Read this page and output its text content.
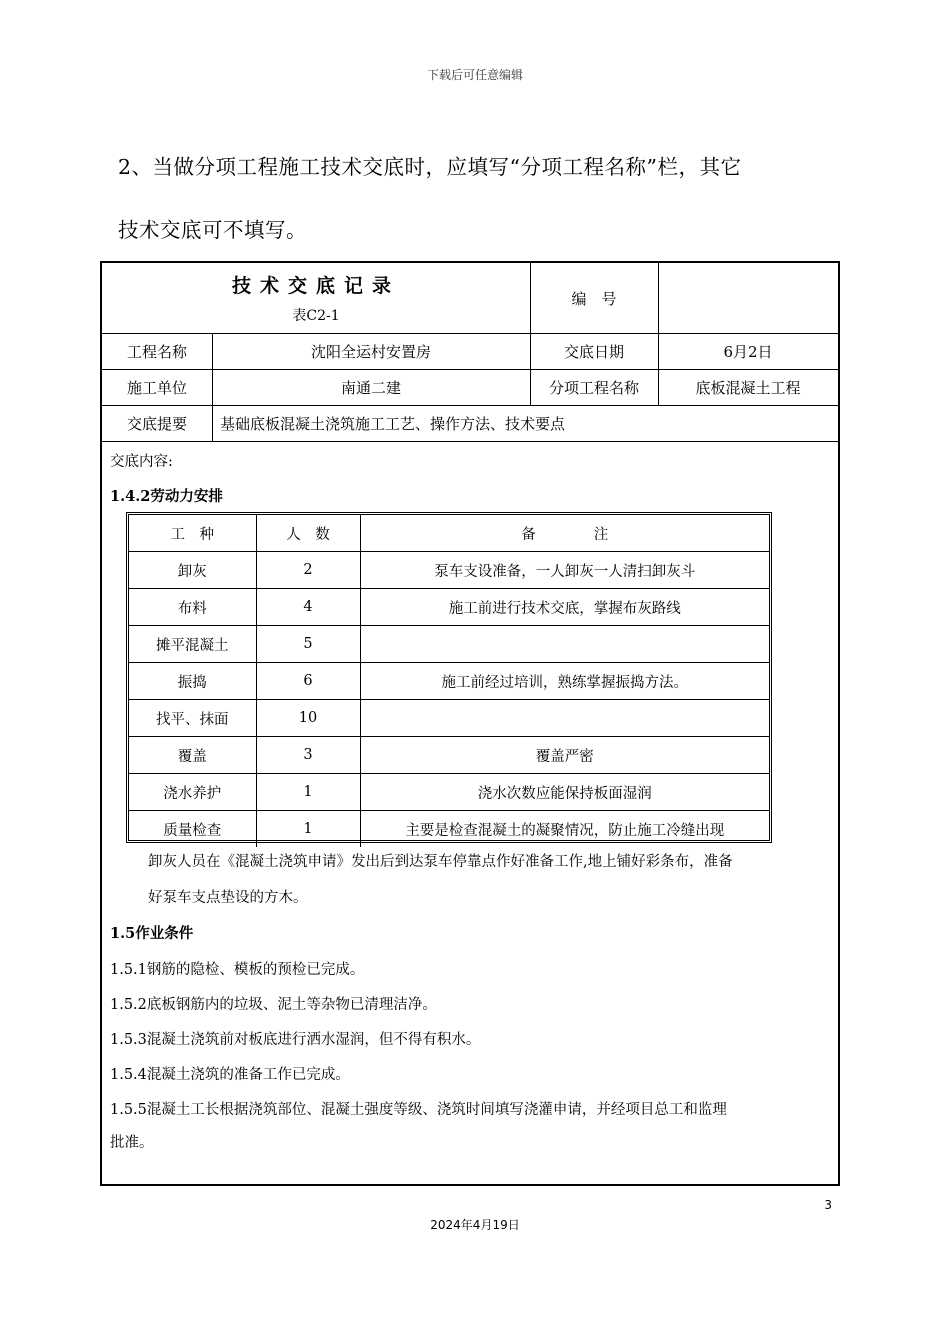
下载后可任意编辑
2、当做分项工程施工技术交底时，应填写“分项工程名称”栏，其它
技术交底可不填写。
技术交底记录
表C2-1
编　号
工程名称	沈阳全运村安置房	交底日期	6月2日
施工单位	南通二建	分项工程名称	底板混凝土工程
交底提要	基础底板混凝土浇筑施工工艺、操作方法、技术要点
交底内容:
1.4.2劳动力安排
工　种	人　数	备　　　　注
卸灰	2	泵车支设准备，一人卸灰一人清扫卸灰斗
布料	4	施工前进行技术交底，掌握布灰路线
摊平混凝土	5	
振捣	6	施工前经过培训，熟练掌握振捣方法。
找平、抹面	10	
覆盖	3	覆盖严密
浇水养护	1	浇水次数应能保持板面湿润
质量检查	1	主要是检查混凝土的凝聚情况，防止施工冷缝出现
卸灰人员在《混凝土浇筑申请》发出后到达泵车停靠点作好准备工作,地上铺好彩条布，准备
好泵车支点垫设的方木。
1.5作业条件
1.5.1钢筋的隐检、模板的预检已完成。
1.5.2底板钢筋内的垃圾、泥土等杂物已清理洁净。
1.5.3混凝土浇筑前对板底进行洒水湿润，但不得有积水。
1.5.4混凝土浇筑的准备工作已完成。
1.5.5混凝土工长根据浇筑部位、混凝土强度等级、浇筑时间填写浇灌申请，并经项目总工和监理
批准。
3
2024年4月19日
